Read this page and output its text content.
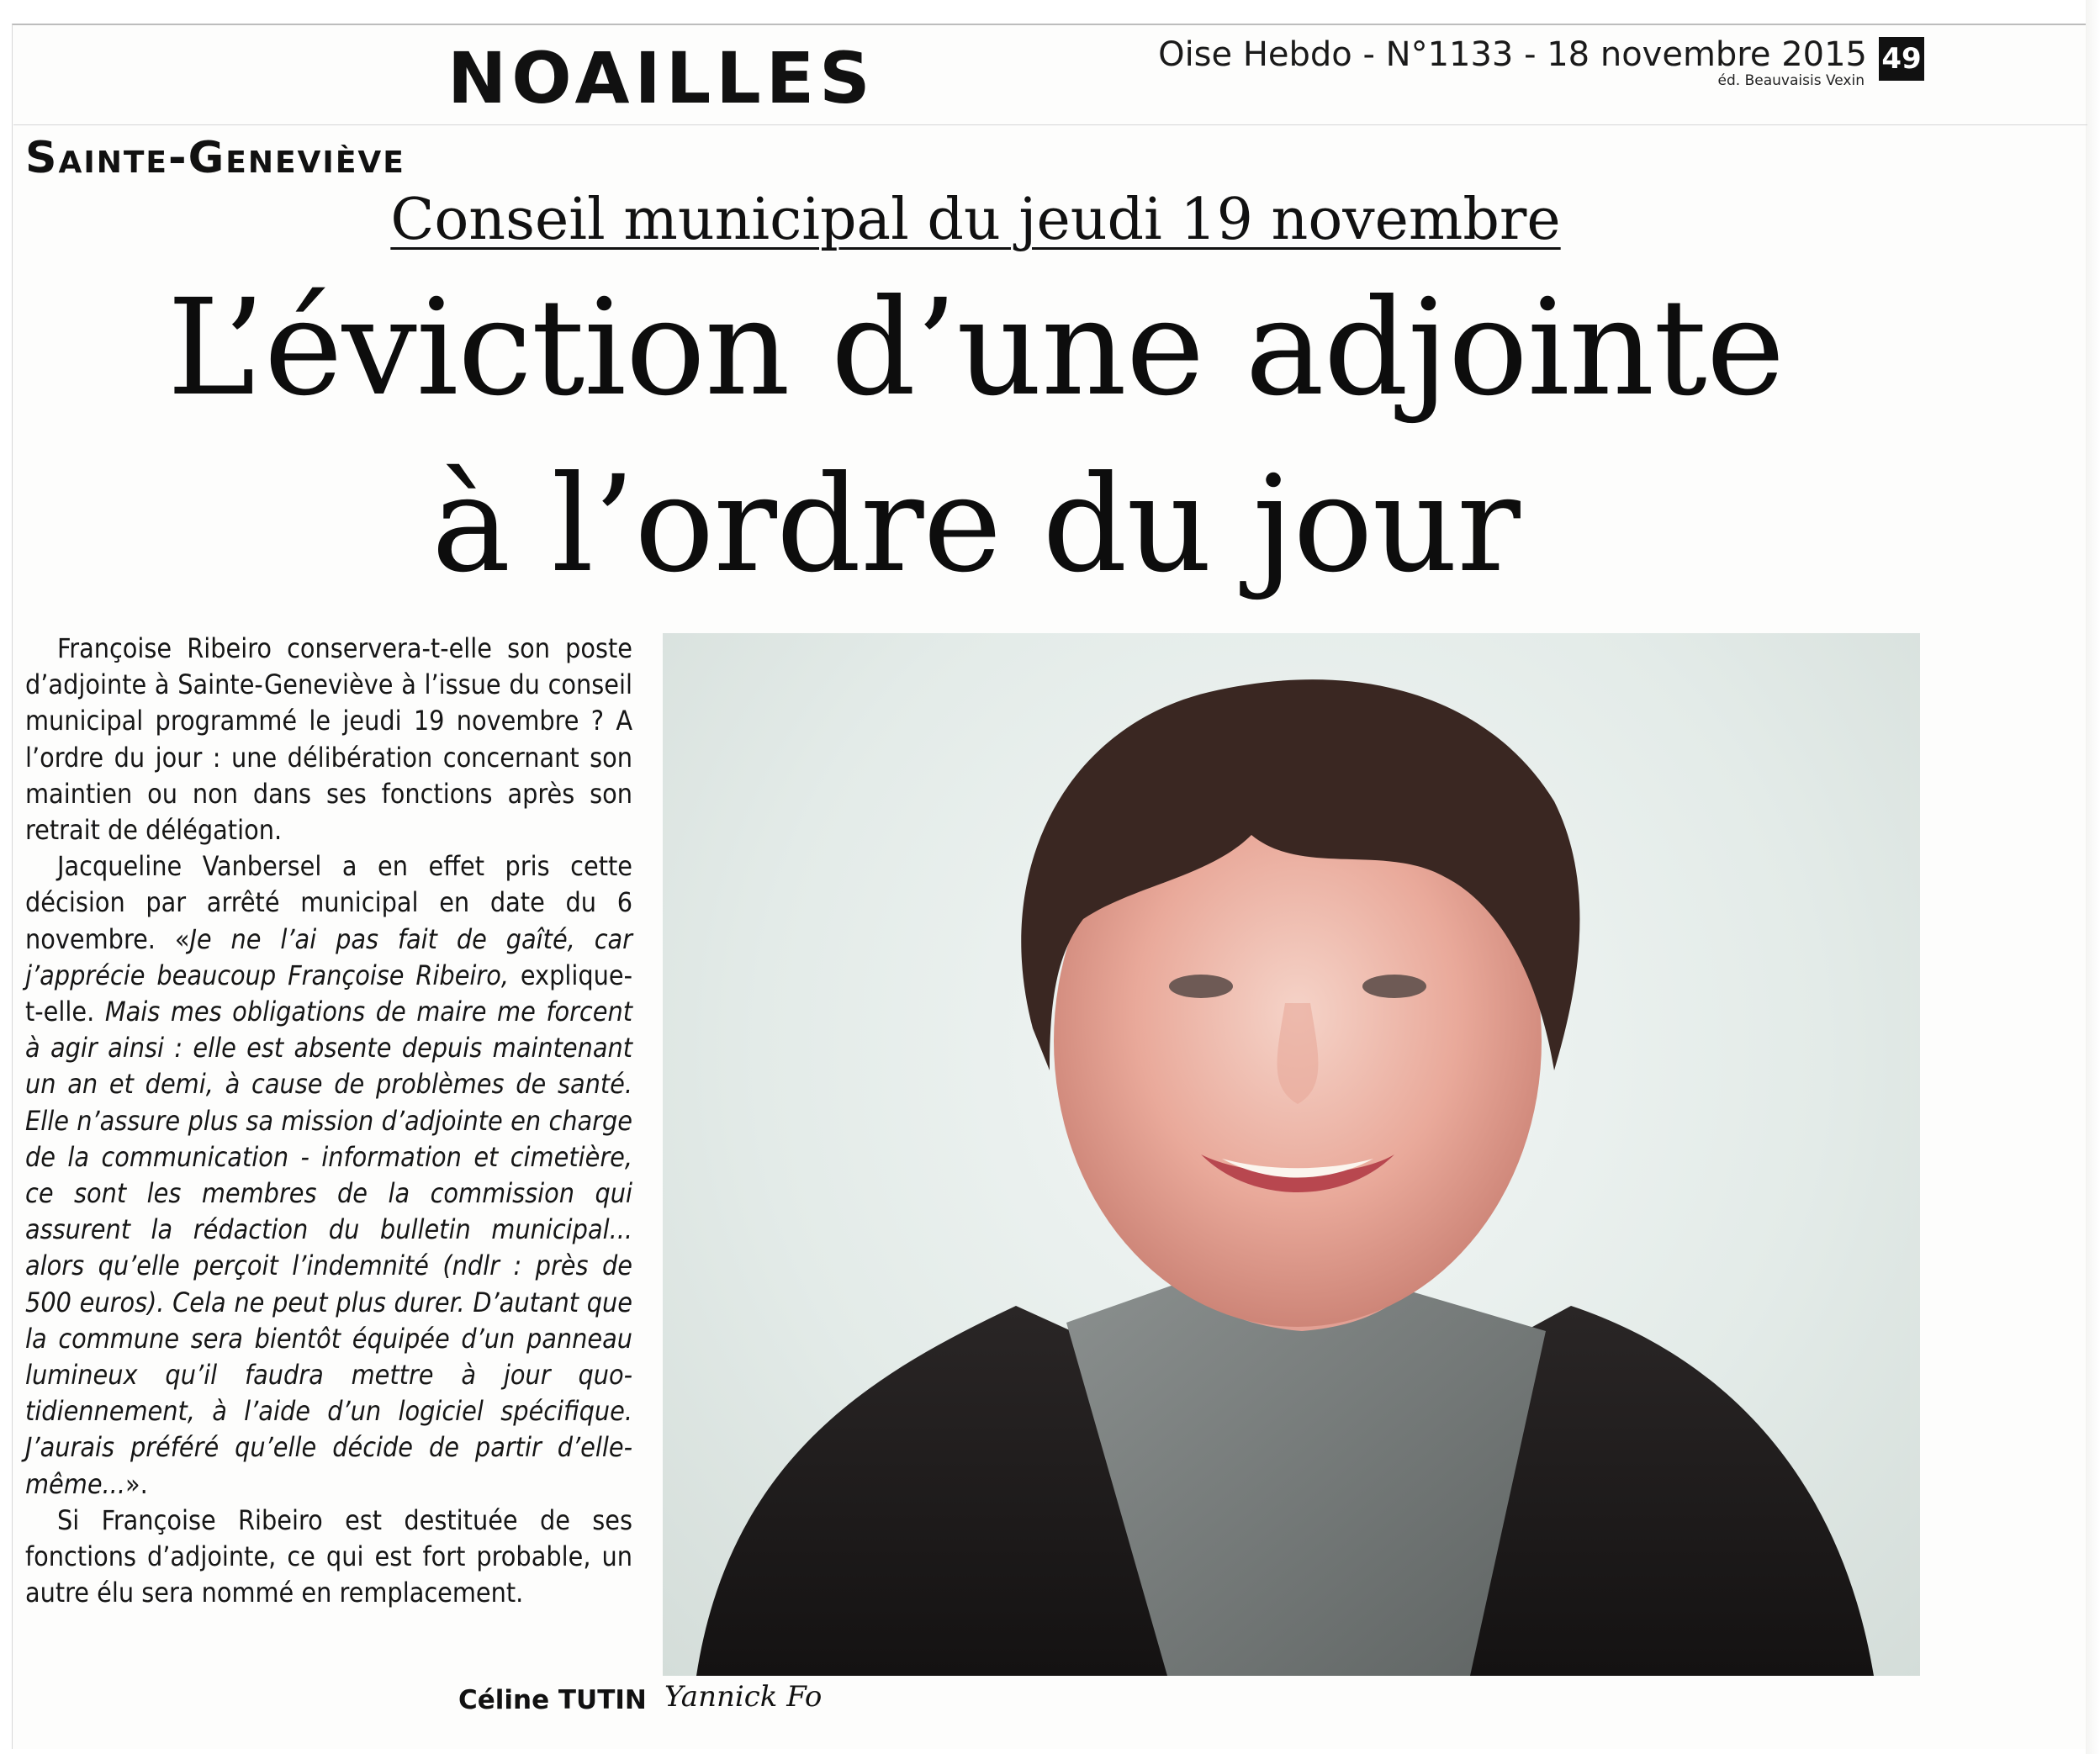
NOAILLES	Oise Hebdo - N°1133 - 18 novembre 2015
éd. Beauvaisis Vexin
49
Sainte-Geneviève
Conseil municipal du jeudi 19 novembre
L’éviction d’une adjointe
à l’ordre du jour

Françoise Ribeiro conservera-t-elle son poste d’adjointe à Sainte-Geneviève à l’issue du conseil municipal programmé le jeudi 19 novembre ? A l’ordre du jour : une délibération concernant son maintien ou non dans ses fonctions après son retrait de délégation.

Jacqueline Vanbersel a en effet pris cette décision par arrêté municipal en date du 6 novembre. «Je ne l’ai pas fait de gaîté, car j’apprécie beaucoup Françoise Ribeiro, explique-t-elle. Mais mes obligations de maire me forcent à agir ainsi : elle est absente depuis maintenant un an et demi, à cause de problèmes de santé. Elle n’assure plus sa mission d’adjointe en charge de la communication - information et cimetière, ce sont les membres de la commission qui assurent la rédaction du bulletin municipal... alors qu’elle perçoit l’indemnité (ndlr : près de 500 euros). Cela ne peut plus durer. D’autant que la commune sera bientôt équipée d’un panneau lumineux qu’il faudra mettre à jour quotidiennement, à l’aide d’un logiciel spécifique. J’aurais préféré qu’elle décide de partir d’elle-même...».

Si Françoise Ribeiro est destituée de ses fonctions d’adjointe, ce qui est fort probable, un autre élu sera nommé en remplacement.

Céline TUTIN Yannick Fo
